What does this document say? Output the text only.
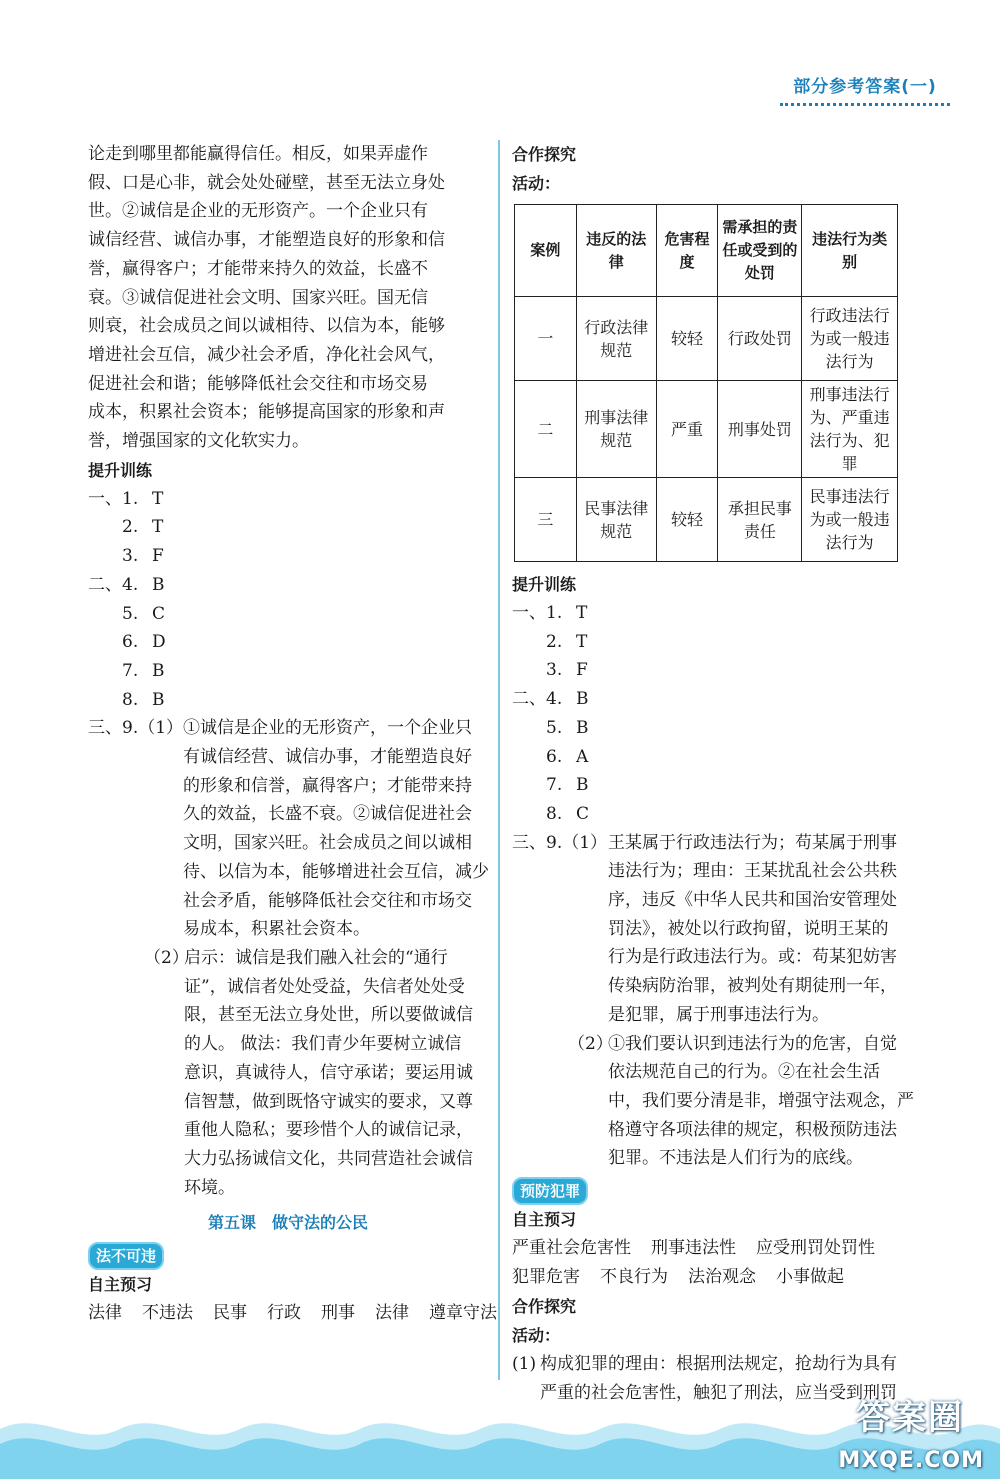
部分参考答案(一)
论走到哪里都能赢得信任。相反，如果弄虚作
假、口是心非，就会处处碰壁，甚至无法立身处
世。②诚信是企业的无形资产。一个企业只有
诚信经营、诚信办事，才能塑造良好的形象和信
誉，赢得客户；才能带来持久的效益，长盛不
衰。③诚信促进社会文明、国家兴旺。国无信
则衰，社会成员之间以诚相待、以信为本，能够
增进社会互信，减少社会矛盾，净化社会风气，
促进社会和谐；能够降低社会交往和市场交易
成本，积累社会资本；能够提高国家的形象和声
誉，增强国家的文化软实力。
提升训练
一、 1. T
2. T
3. F
二、 4. B
5. C
6. D
7. B
8. B
三、9.（1） ①诚信是企业的无形资产，一个企业只
有诚信经营、诚信办事，才能塑造良好
的形象和信誉，赢得客户；才能带来持
久的效益，长盛不衰。②诚信促进社会
文明，国家兴旺。社会成员之间以诚相
待、以信为本，能够增进社会互信，减少
社会矛盾，能够降低社会交往和市场交
易成本，积累社会资本。
（2）
启示：诚信是我们融入社会的“通行
证”，诚信者处处受益，失信者处处受
限，甚至无法立身处世，所以要做诚信
的人。 做法：我们青少年要树立诚信
意识，真诚待人，信守承诺；要运用诚
信智慧，做到既恪守诚实的要求，又尊
重他人隐私；要珍惜个人的诚信记录，
大力弘扬诚信文化，共同营造社会诚信
环境。
第五课　做守法的公民
法不可违
自主预习
法律 不违法 民事 行政 刑事 法律 遵章守法
合作探究
活动：
案例	违反的法律	危害程度	需承担的责任或受到的处罚	违法行为类别
一	行政法律规范	较轻	行政处罚	行政违法行为或一般违法行为
二	刑事法律规范	严重	刑事处罚	刑事违法行为、严重违法行为、犯罪
三	民事法律规范	较轻	承担民事责任	民事违法行为或一般违法行为
提升训练
一、 1. T
2. T
3. F
二、 4. B
5. B
6. A
7. B
8. C
三、9.（1） 王某属于行政违法行为；苟某属于刑事
违法行为；理由：王某扰乱社会公共秩
序，违反《中华人民共和国治安管理处
罚法》，被处以行政拘留，说明王某的
行为是行政违法行为。或：苟某犯妨害
传染病防治罪，被判处有期徒刑一年，
是犯罪，属于刑事违法行为。
（2）
①我们要认识到违法行为的危害，自觉
依法规范自己的行为。②在社会生活
中，我们要分清是非，增强守法观念，严
格遵守各项法律的规定，积极预防违法
犯罪。不违法是人们行为的底线。
预防犯罪
自主预习
严重社会危害性 刑事违法性 应受刑罚处罚性
犯罪危害 不良行为 法治观念 小事做起
合作探究
活动：
(1) 构成犯罪的理由：根据刑法规定，抢劫行为具有
严重的社会危害性，触犯了刑法，应当受到刑罚
答案圈
MXQE.COM
